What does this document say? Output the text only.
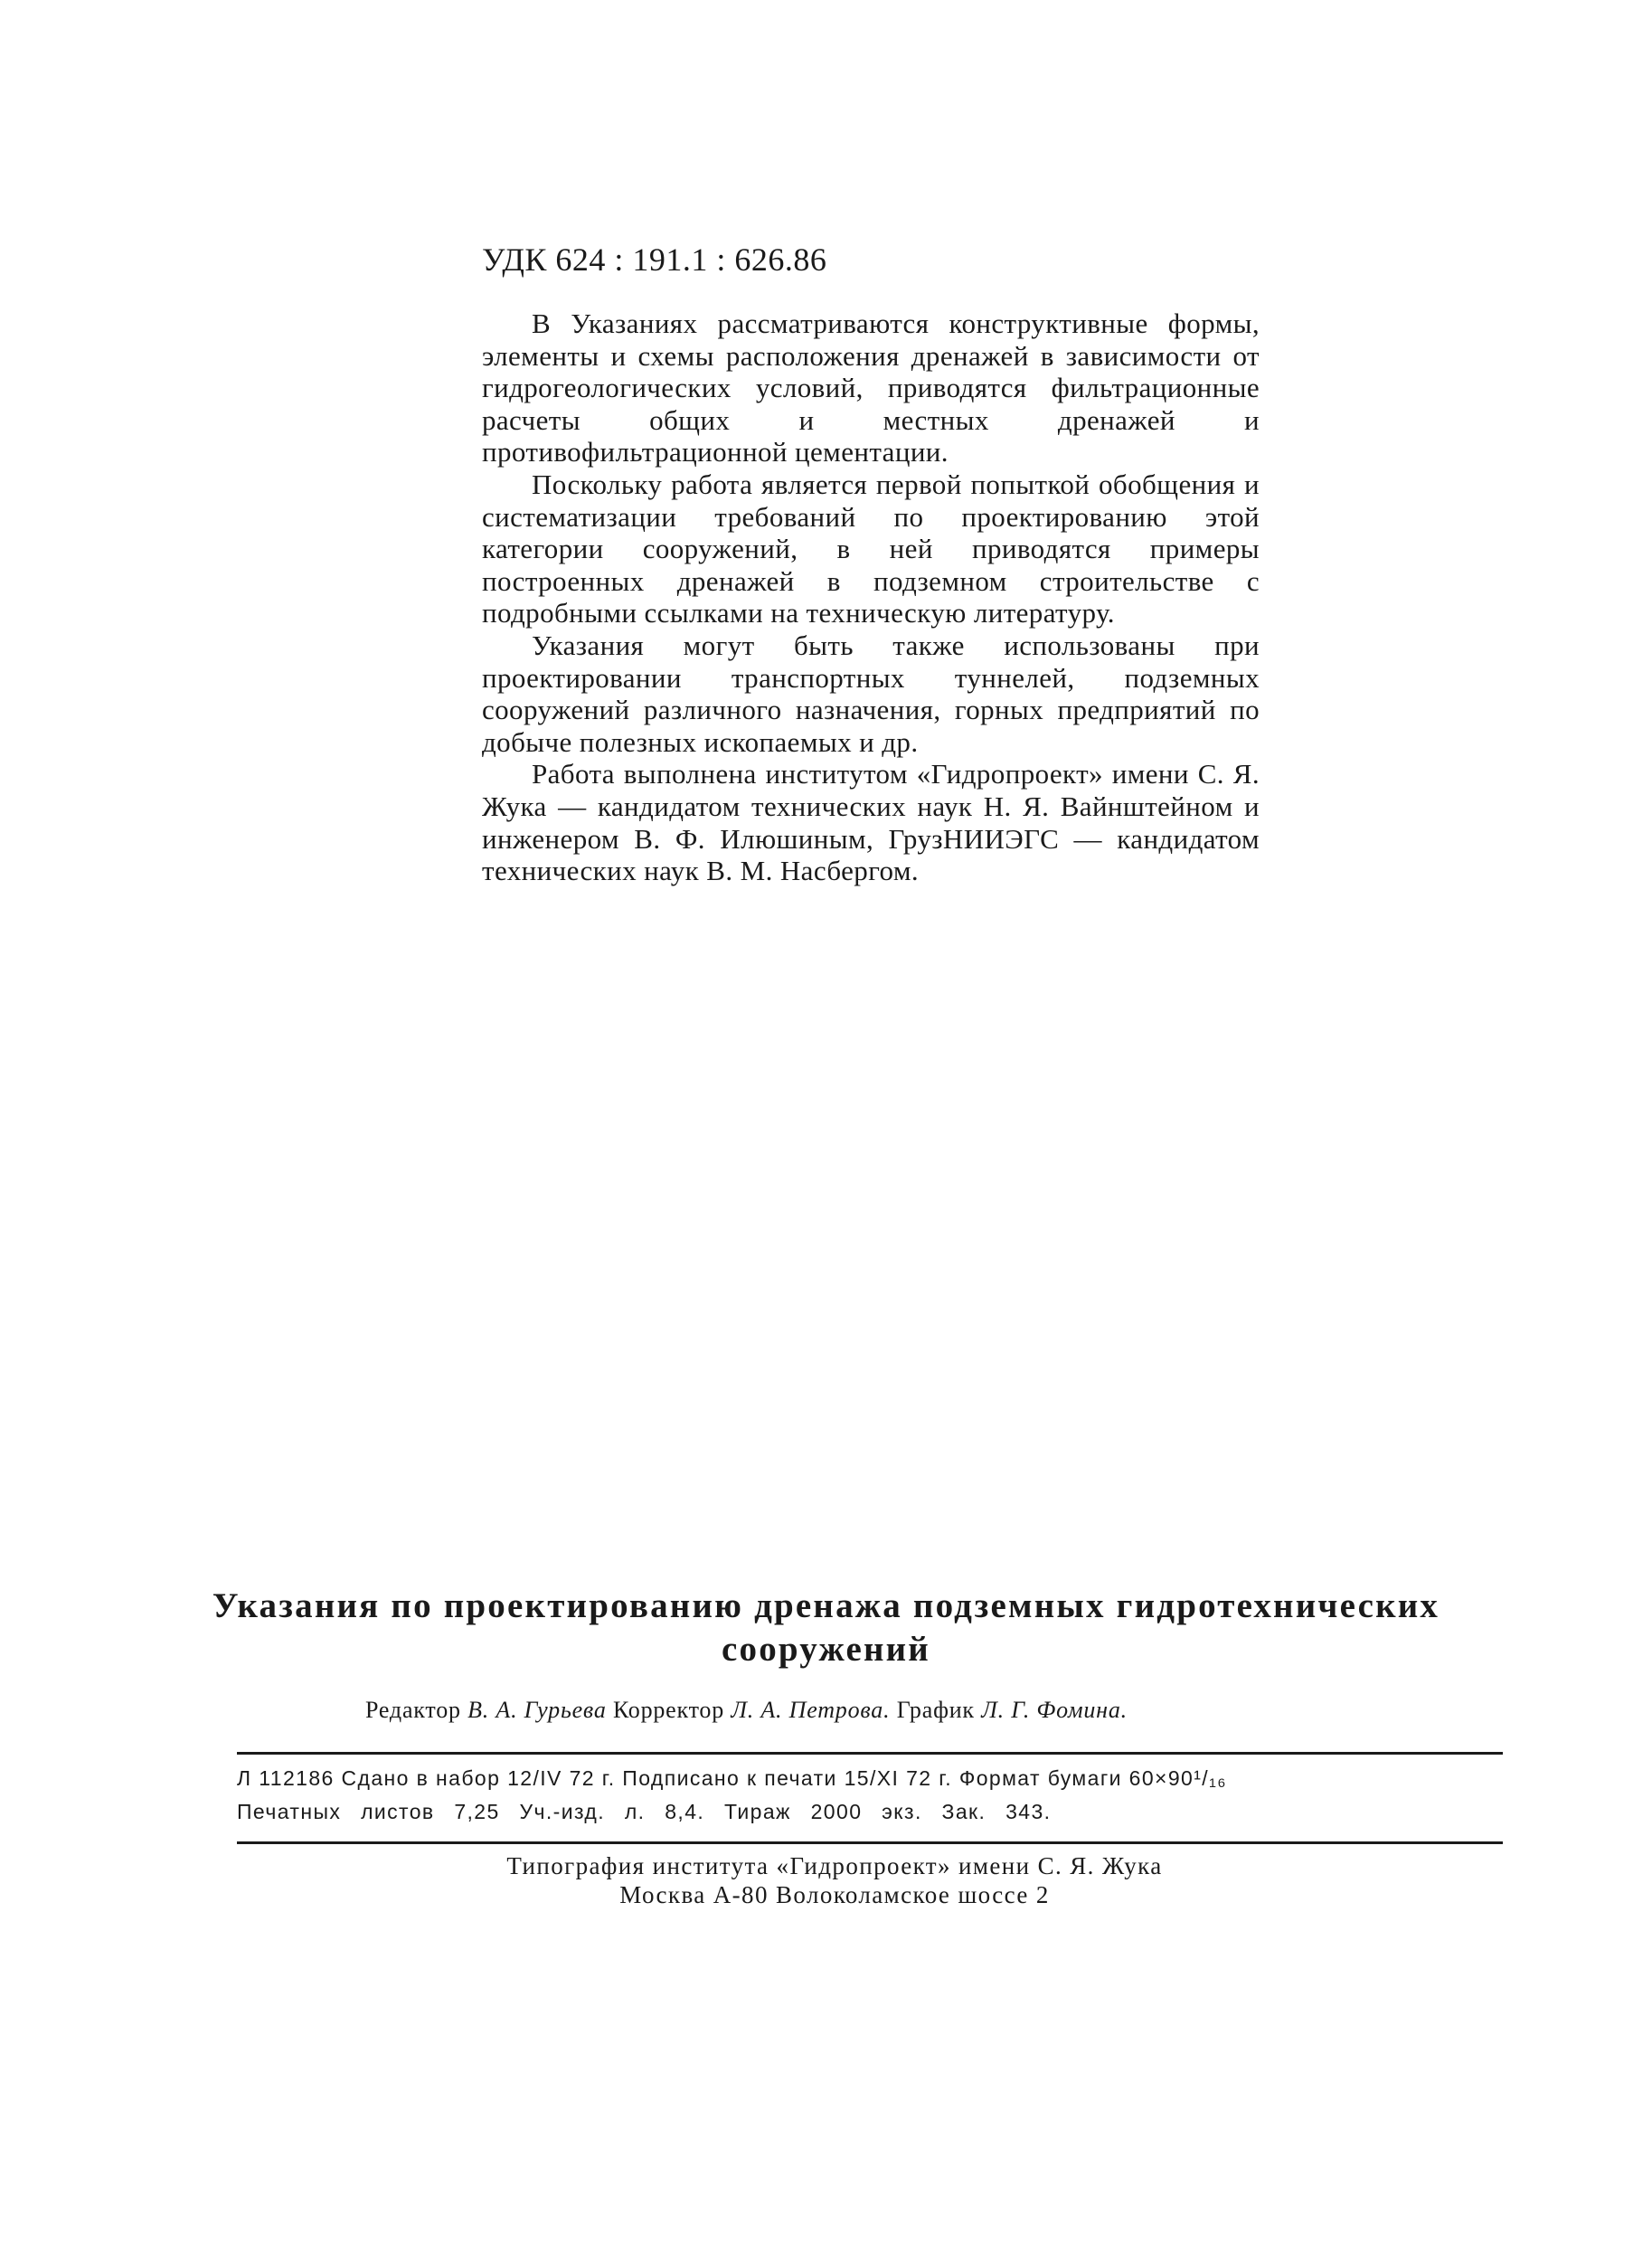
УДК 624 : 191.1 : 626.86

В Указаниях рассматриваются конструктивные формы, элементы и схемы расположения дренажей в зависимости от гидрогеологических условий, приводятся фильтрационные расчеты общих и местных дренажей и противофильтрационной цементации.

Поскольку работа является первой попыткой обобщения и систематизации требований по проектированию этой категории сооружений, в ней приводятся примеры построенных дренажей в подземном строительстве с подробными ссылками на техническую литературу.

Указания могут быть также использованы при проектировании транспортных туннелей, подземных сооружений различного назначения, горных предприятий по добыче полезных ископаемых и др.

Работа выполнена институтом «Гидропроект» имени С. Я. Жука — кандидатом технических наук Н. Я. Вайнштейном и инженером В. Ф. Илюшиным, ГрузНИИЭГС — кандидатом технических наук В. М. Насбергом.

Указания по проектированию дренажа подземных гидротехнических
сооружений
Редактор В. А. Гурьева Корректор Л. А. Петрова. График Л. Г. Фомина.
Л 112186 Сдано в набор 12/IV 72 г. Подписано к печати 15/XI 72 г. Формат бумаги 60×90¹/₁₆
Печатных листов 7,25 Уч.-изд. л. 8,4. Тираж 2000 экз. Зак. 343.
Типография института «Гидропроект» имени С. Я. Жука
Москва А-80 Волоколамское шоссе 2
